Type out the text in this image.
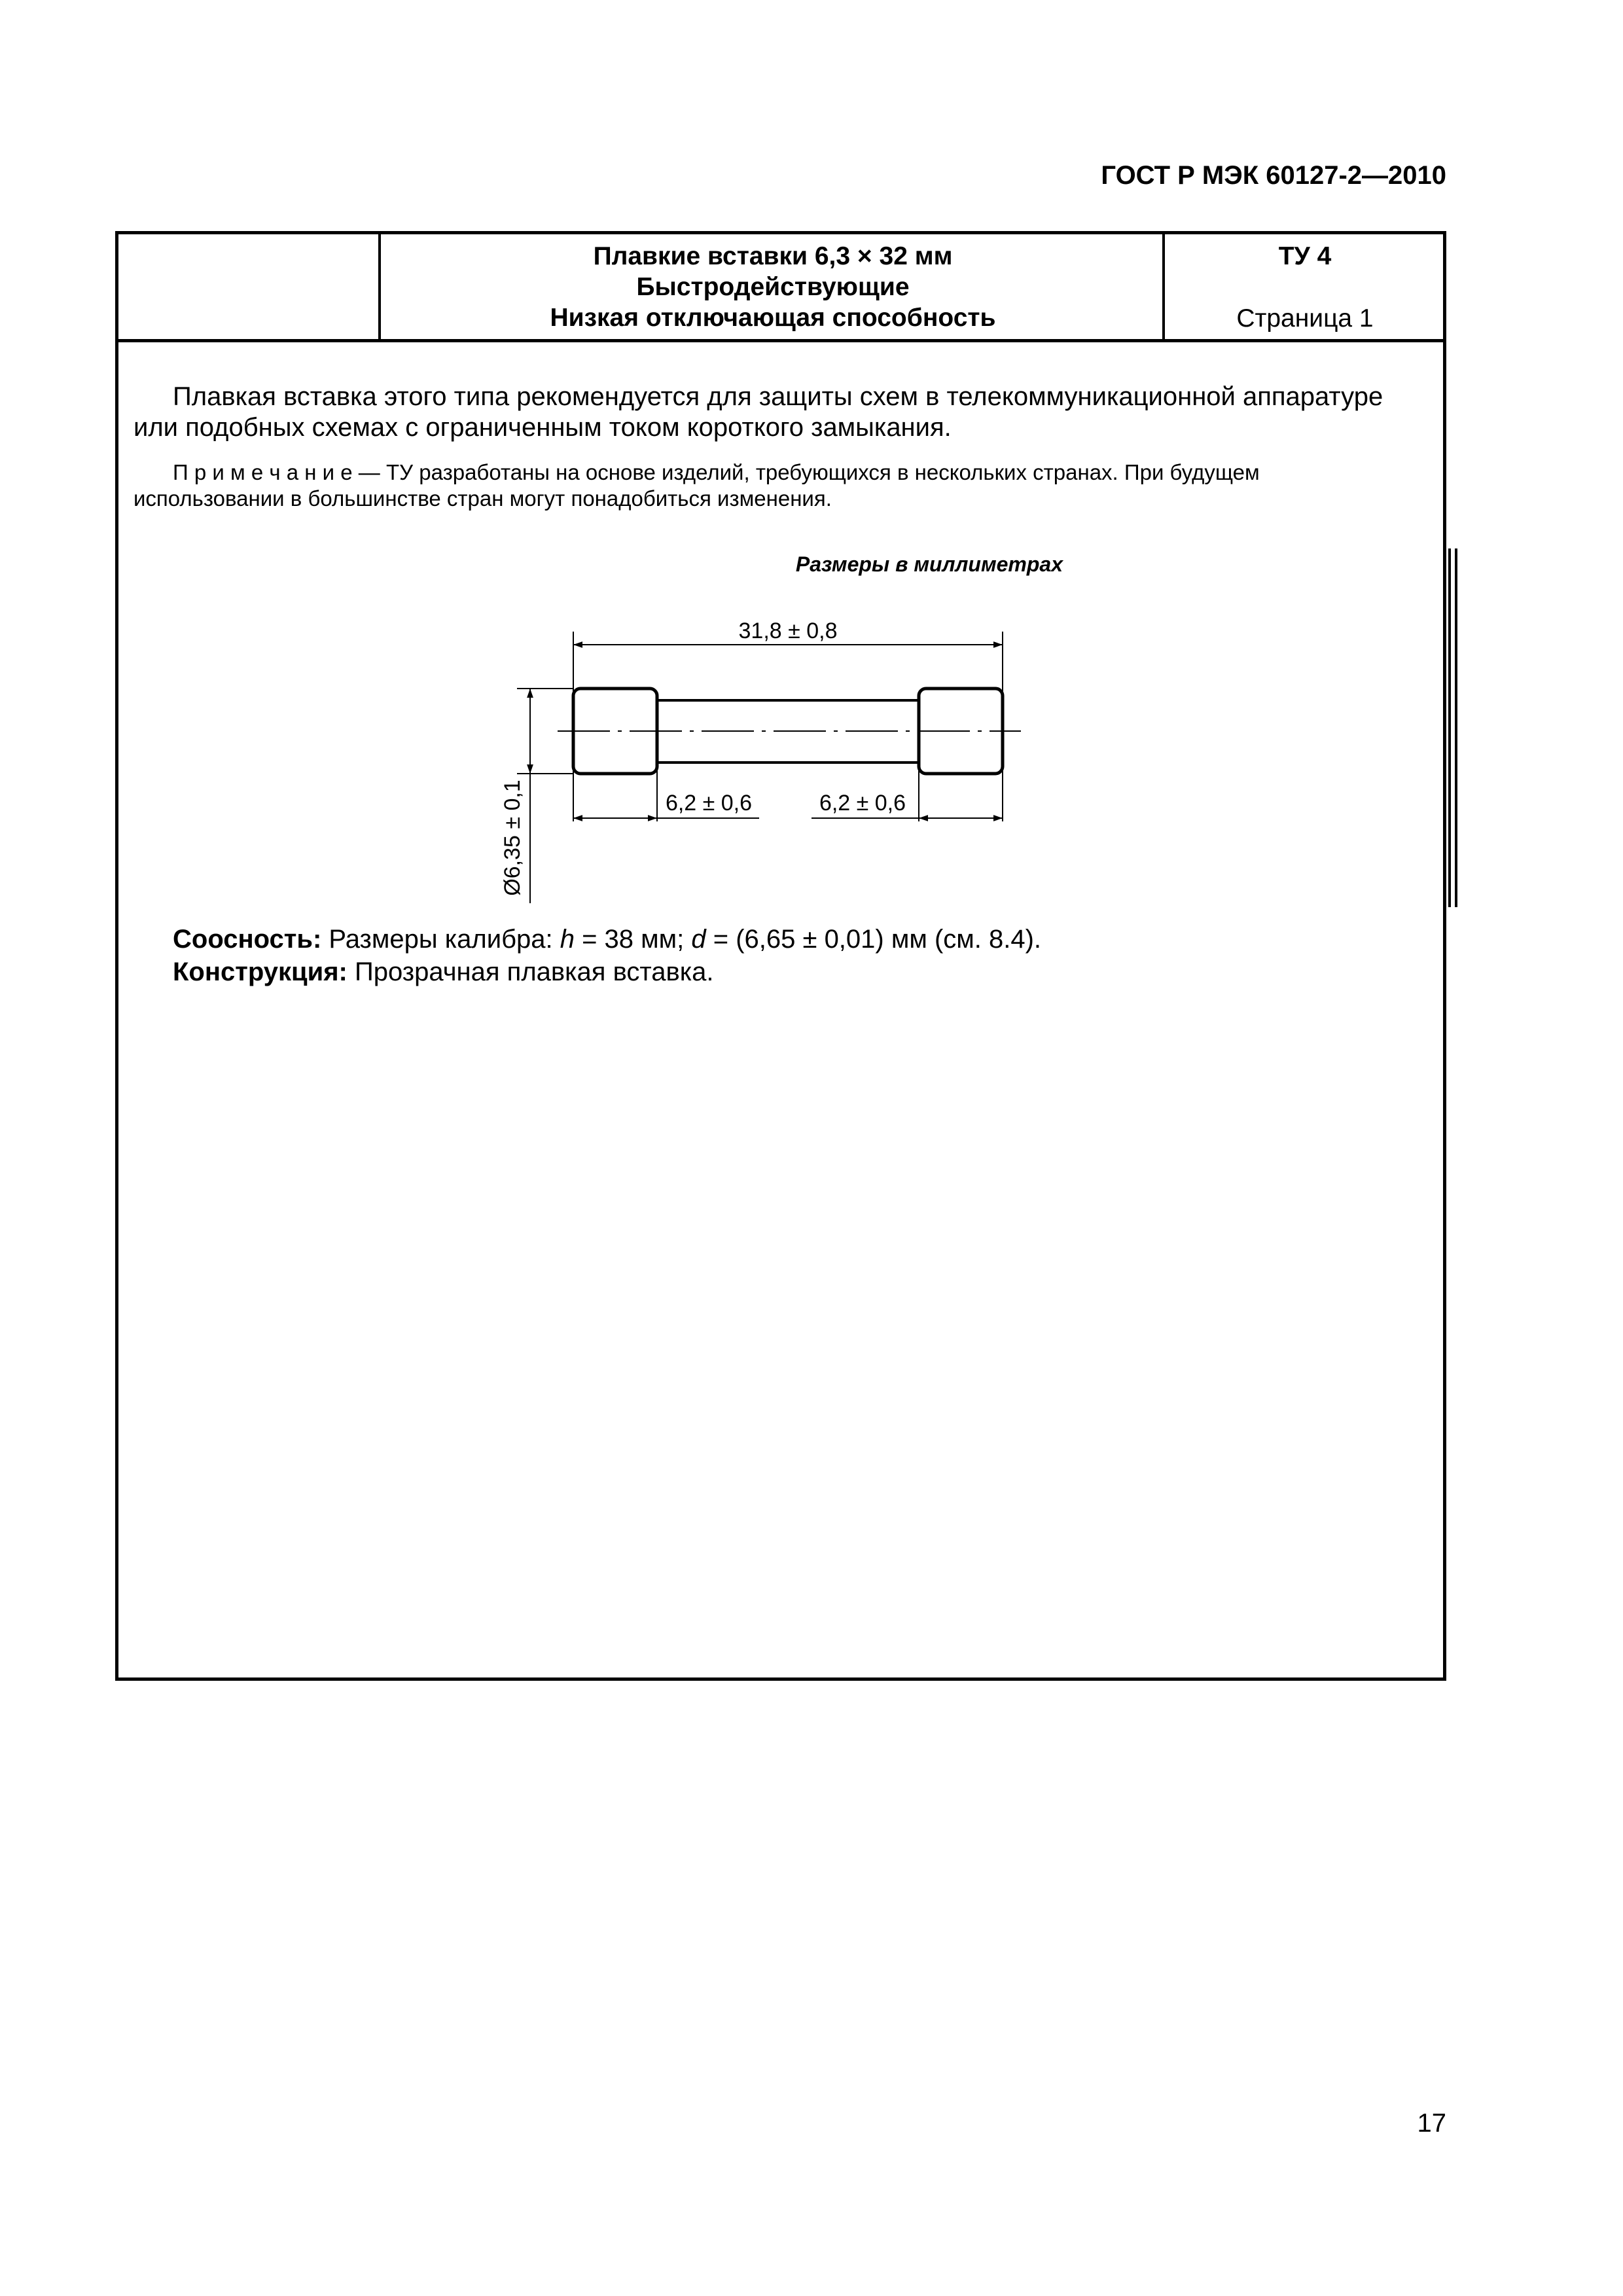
ГОСТ Р МЭК 60127-2—2010
Плавкие вставки 6,3 × 32 мм
Быстродействующие
Низкая отключающая способность
ТУ 4
Страница 1
Плавкая вставка этого типа рекомендуется для защиты схем в телекоммуникационной аппаратуре
или подобных схемах с ограниченным током короткого замыкания.
П р и м е ч а н и е — ТУ разработаны на основе изделий, требующихся в нескольких странах. При будущем
использовании в большинстве стран могут понадобиться изменения.
Размеры в миллиметрах
31,8 ± 0,8
6,2 ± 0,6	6,2 ± 0,6
Ø6,35 ± 0,1
Соосность: Размеры калибра: h = 38 мм; d = (6,65 ± 0,01) мм (см. 8.4).
Конструкция: Прозрачная плавкая вставка.
17
